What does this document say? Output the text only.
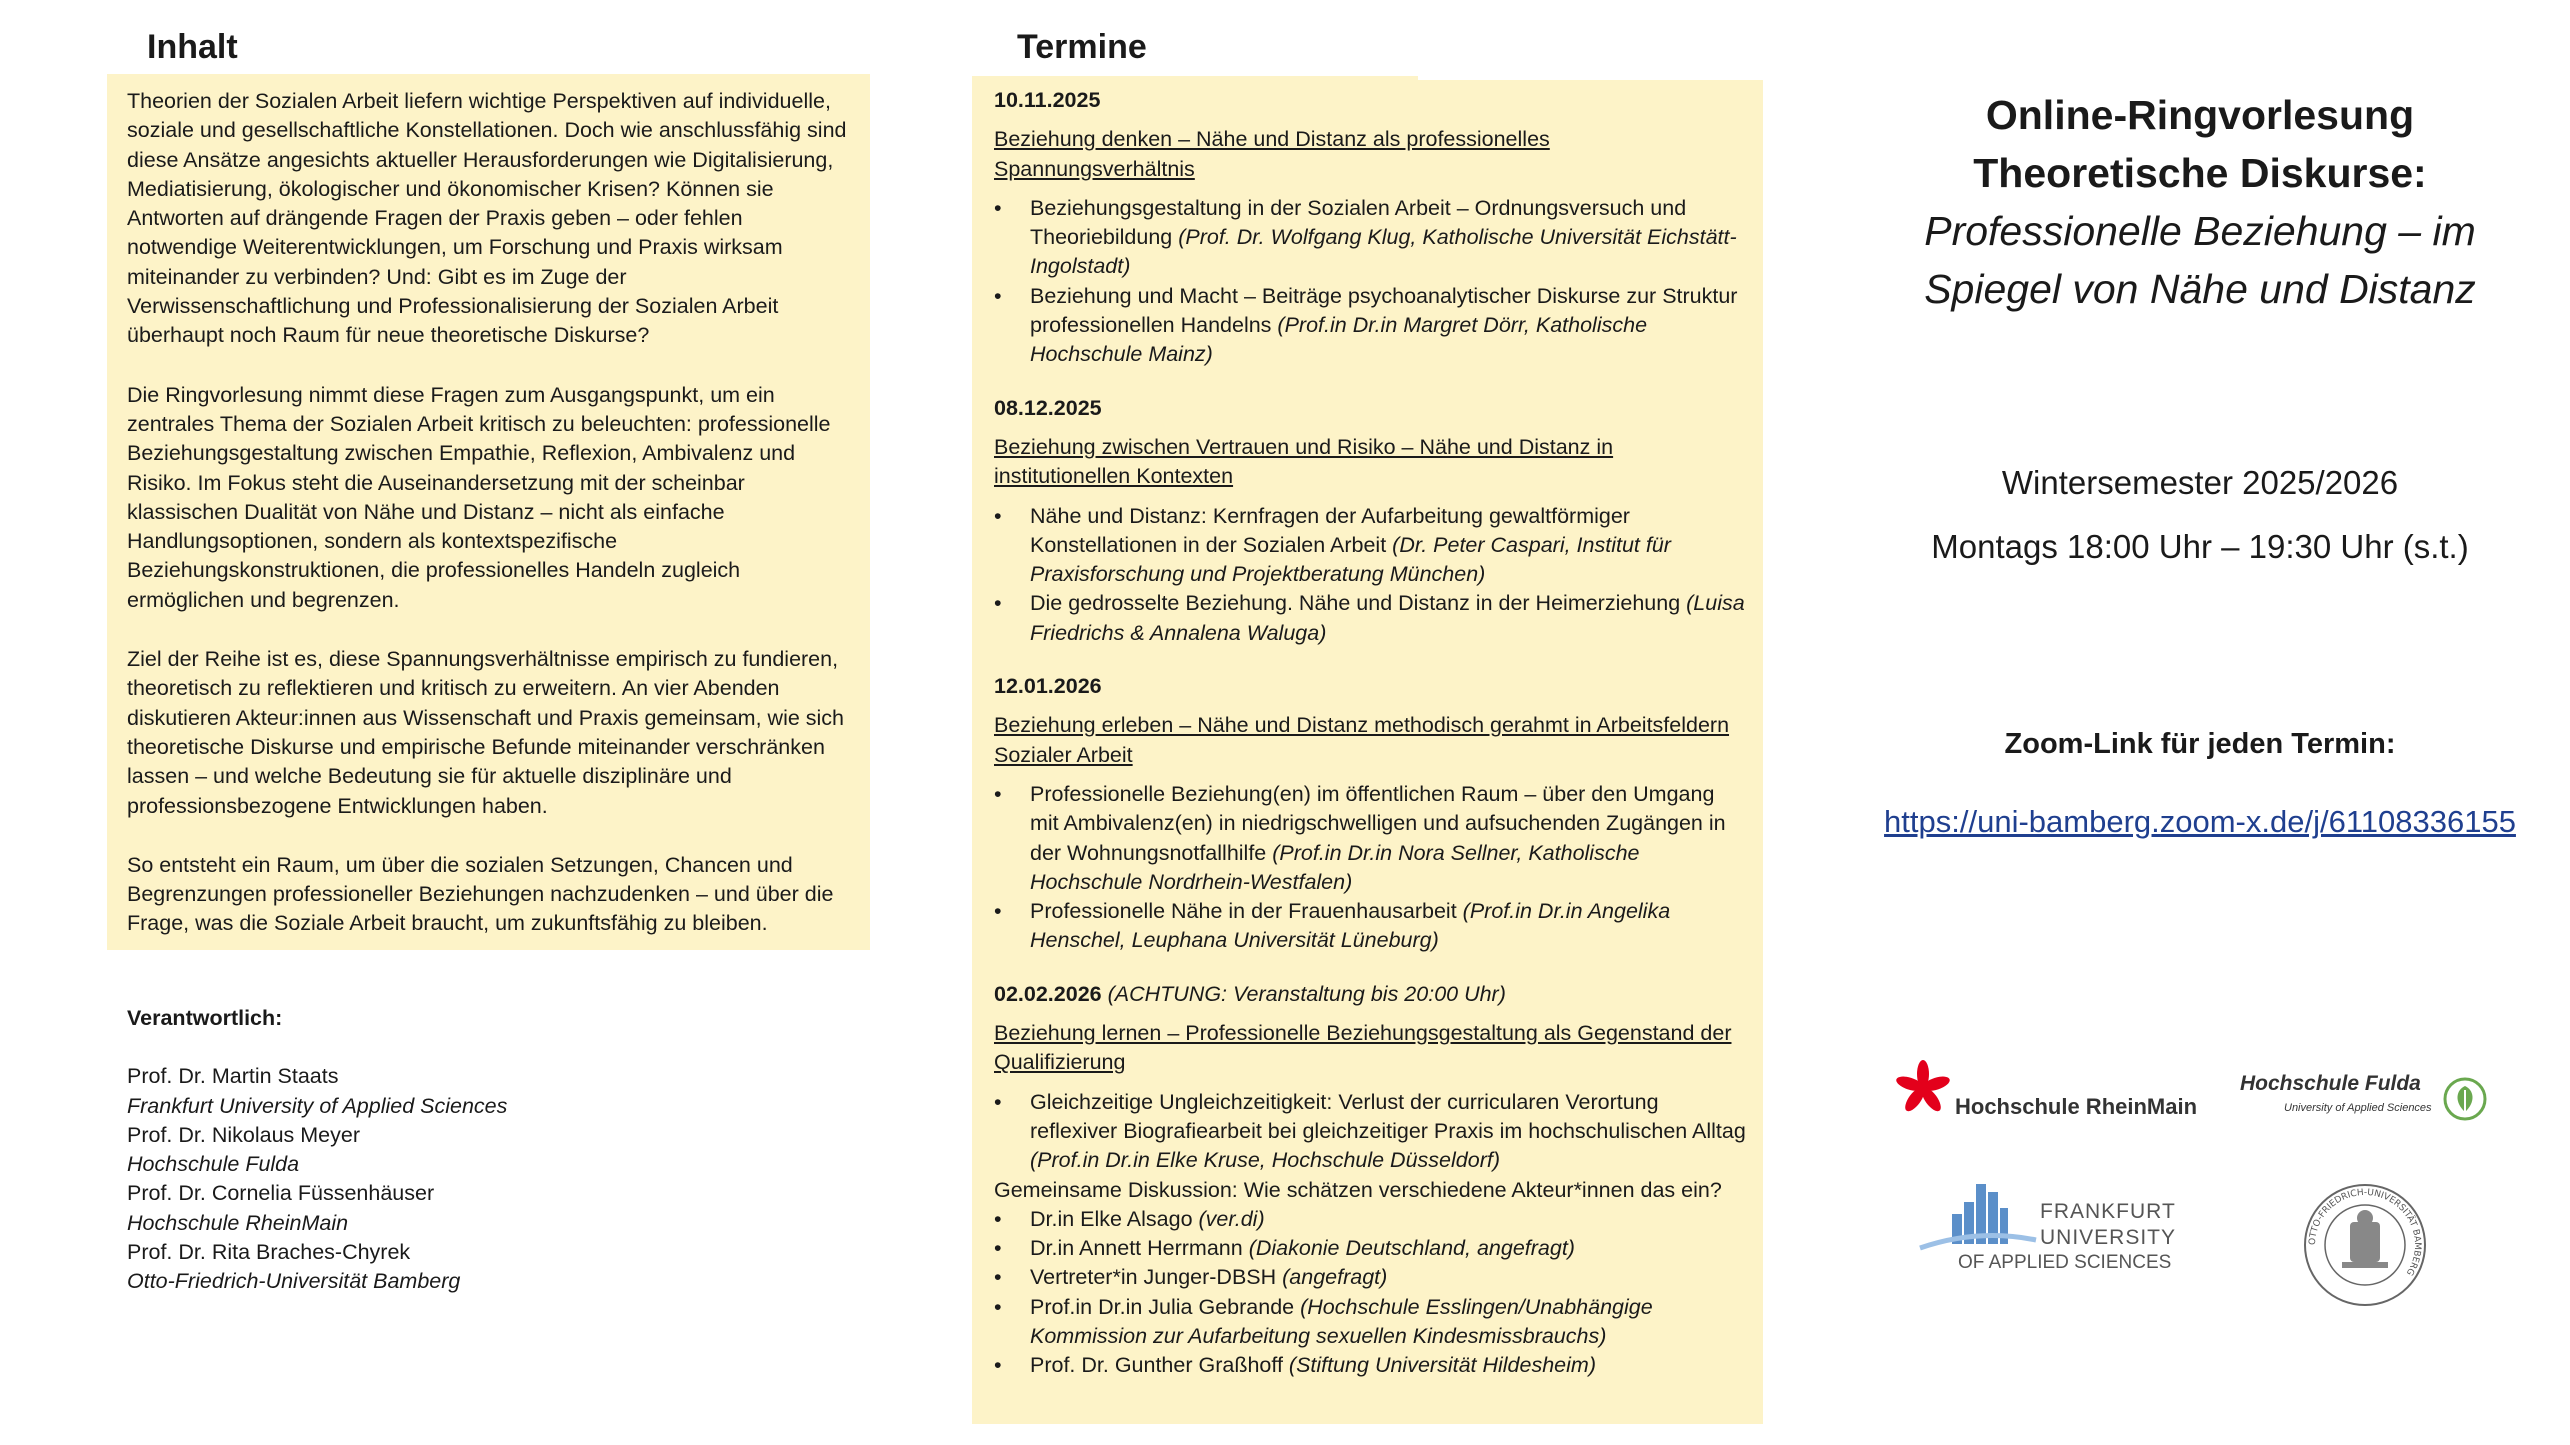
Inhalt	Termine

Theorien der Sozialen Arbeit liefern wichtige Perspektiven auf individuelle, soziale und gesellschaftliche Konstellationen. Doch wie anschlussfähig sind diese Ansätze angesichts aktueller Herausforderungen wie Digitalisierung, Mediatisierung, ökologischer und ökonomischer Krisen? Können sie Antworten auf drängende Fragen der Praxis geben – oder fehlen notwendige Weiterentwicklungen, um Forschung und Praxis wirksam miteinander zu verbinden? Und: Gibt es im Zuge der Verwissenschaftlichung und Professionalisierung der Sozialen Arbeit überhaupt noch Raum für neue theoretische Diskurse?

Die Ringvorlesung nimmt diese Fragen zum Ausgangspunkt, um ein zentrales Thema der Sozialen Arbeit kritisch zu beleuchten: professionelle Beziehungsgestaltung zwischen Empathie, Reflexion, Ambivalenz und Risiko. Im Fokus steht die Auseinandersetzung mit der scheinbar klassischen Dualität von Nähe und Distanz – nicht als einfache Handlungsoptionen, sondern als kontextspezifische Beziehungskonstruktionen, die professionelles Handeln zugleich ermöglichen und begrenzen.

Ziel der Reihe ist es, diese Spannungsverhältnisse empirisch zu fundieren, theoretisch zu reflektieren und kritisch zu erweitern. An vier Abenden diskutieren Akteur:innen aus Wissenschaft und Praxis gemeinsam, wie sich theoretische Diskurse und empirische Befunde miteinander verschränken lassen – und welche Bedeutung sie für aktuelle disziplinäre und professionsbezogene Entwicklungen haben.

So entsteht ein Raum, um über die sozialen Setzungen, Chancen und Begrenzungen professioneller Beziehungen nachzudenken – und über die Frage, was die Soziale Arbeit braucht, um zukunftsfähig zu bleiben.

Verantwortlich:

Prof. Dr. Martin Staats

Frankfurt University of Applied Sciences

Prof. Dr. Nikolaus Meyer

Hochschule Fulda

Prof. Dr. Cornelia Füssenhäuser

Hochschule RheinMain

Prof. Dr. Rita Braches-Chyrek

Otto-Friedrich-Universität Bamberg

10.11.2025

Beziehung denken – Nähe und Distanz als professionelles Spannungsverhältnis

• Beziehungsgestaltung in der Sozialen Arbeit – Ordnungsversuch und Theoriebildung (Prof. Dr. Wolfgang Klug, Katholische Universität Eichstätt-Ingolstadt)
• Beziehung und Macht – Beiträge psychoanalytischer Diskurse zur Struktur professionellen Handelns (Prof.in Dr.in Margret Dörr, Katholische Hochschule Mainz)

08.12.2025

Beziehung zwischen Vertrauen und Risiko – Nähe und Distanz in institutionellen Kontexten

• Nähe und Distanz: Kernfragen der Aufarbeitung gewaltförmiger Konstellationen in der Sozialen Arbeit (Dr. Peter Caspari, Institut für Praxisforschung und Projektberatung München)
• Die gedrosselte Beziehung. Nähe und Distanz in der Heimerziehung (Luisa Friedrichs & Annalena Waluga)

12.01.2026

Beziehung erleben – Nähe und Distanz methodisch gerahmt in Arbeitsfeldern Sozialer Arbeit

• Professionelle Beziehung(en) im öffentlichen Raum – über den Umgang mit Ambivalenz(en) in niedrigschwelligen und aufsuchenden Zugängen in der Wohnungsnotfallhilfe (Prof.in Dr.in Nora Sellner, Katholische Hochschule Nordrhein-Westfalen)
• Professionelle Nähe in der Frauenhausarbeit (Prof.in Dr.in Angelika Henschel, Leuphana Universität Lüneburg)

02.02.2026 (ACHTUNG: Veranstaltung bis 20:00 Uhr)

Beziehung lernen – Professionelle Beziehungsgestaltung als Gegenstand der Qualifizierung

• Gleichzeitige Ungleichzeitigkeit: Verlust der curricularen Verortung reflexiver Biografiearbeit bei gleichzeitiger Praxis im hochschulischen Alltag (Prof.in Dr.in Elke Kruse, Hochschule Düsseldorf)

Gemeinsame Diskussion: Wie schätzen verschiedene Akteur*innen das ein?

• Dr.in Elke Alsago (ver.di)
• Dr.in Annett Herrmann (Diakonie Deutschland, angefragt)
• Vertreter*in Junger-DBSH (angefragt)
• Prof.in Dr.in Julia Gebrande (Hochschule Esslingen/Unabhängige Kommission zur Aufarbeitung sexuellen Kindesmissbrauchs)
• Prof. Dr. Gunther Graßhoff (Stiftung Universität Hildesheim)
Online-Ringvorlesung
Theoretische Diskurse:
Professionelle Beziehung – im Spiegel von Nähe und Distanz
Wintersemester 2025/2026
Montags 18:00 Uhr – 19:30 Uhr (s.t.)
Zoom-Link für jeden Termin:
https://uni-bamberg.zoom-x.de/j/61108336155
Hochschule RheinMain
Hochschule Fulda
University of Applied Sciences
FRANKFURT
UNIVERSITY
OF APPLIED SCIENCES
OTTO-FRIEDRICH-UNIVERSITÄT BAMBERG
